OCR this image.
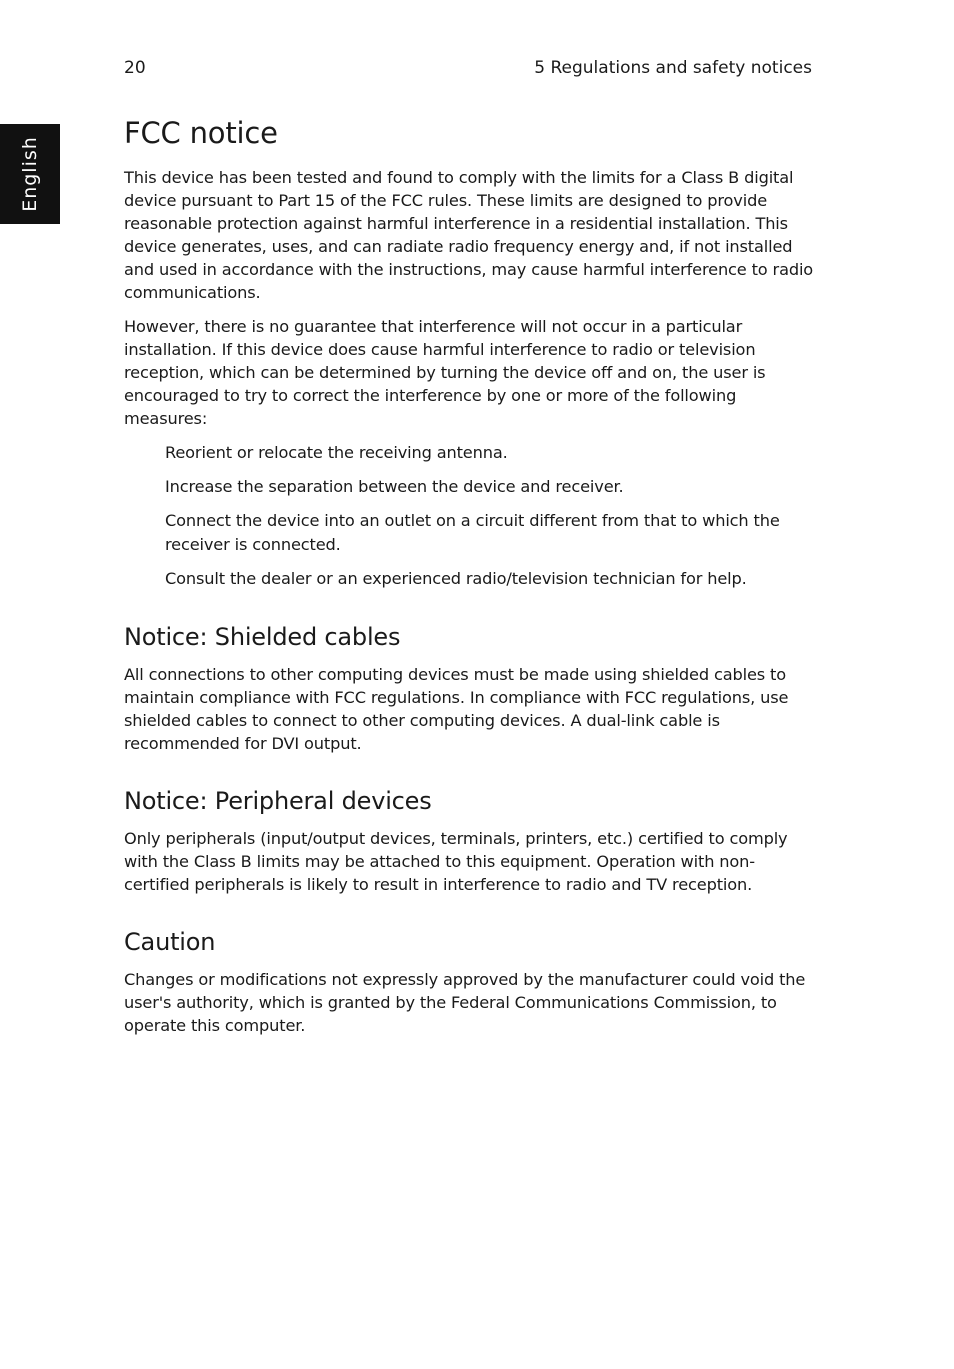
20	5 Regulations and safety notices
English
FCC notice

This device has been tested and found to comply with the limits for a Class B digital device pursuant to Part 15 of the FCC rules. These limits are designed to provide reasonable protection against harmful interference in a residential installation. This device generates, uses, and can radiate radio frequency energy and, if not installed and used in accordance with the instructions, may cause harmful interference to radio communications.

However, there is no guarantee that interference will not occur in a particular installation. If this device does cause harmful interference to radio or television reception, which can be determined by turning the device off and on, the user is encouraged to try to correct the interference by one or more of the following measures:

Reorient or relocate the receiving antenna.
Increase the separation between the device and receiver.
Connect the device into an outlet on a circuit different from that to which the receiver is connected.
Consult the dealer or an experienced radio/television technician for help.
Notice: Shielded cables

All connections to other computing devices must be made using shielded cables to maintain compliance with FCC regulations. In compliance with FCC regulations, use shielded cables to connect to other computing devices. A dual-link cable is recommended for DVI output.

Notice: Peripheral devices

Only peripherals (input/output devices, terminals, printers, etc.) certified to comply with the Class B limits may be attached to this equipment. Operation with non-certified peripherals is likely to result in interference to radio and TV reception.

Caution

Changes or modifications not expressly approved by the manufacturer could void the user's authority, which is granted by the Federal Communications Commission, to operate this computer.
